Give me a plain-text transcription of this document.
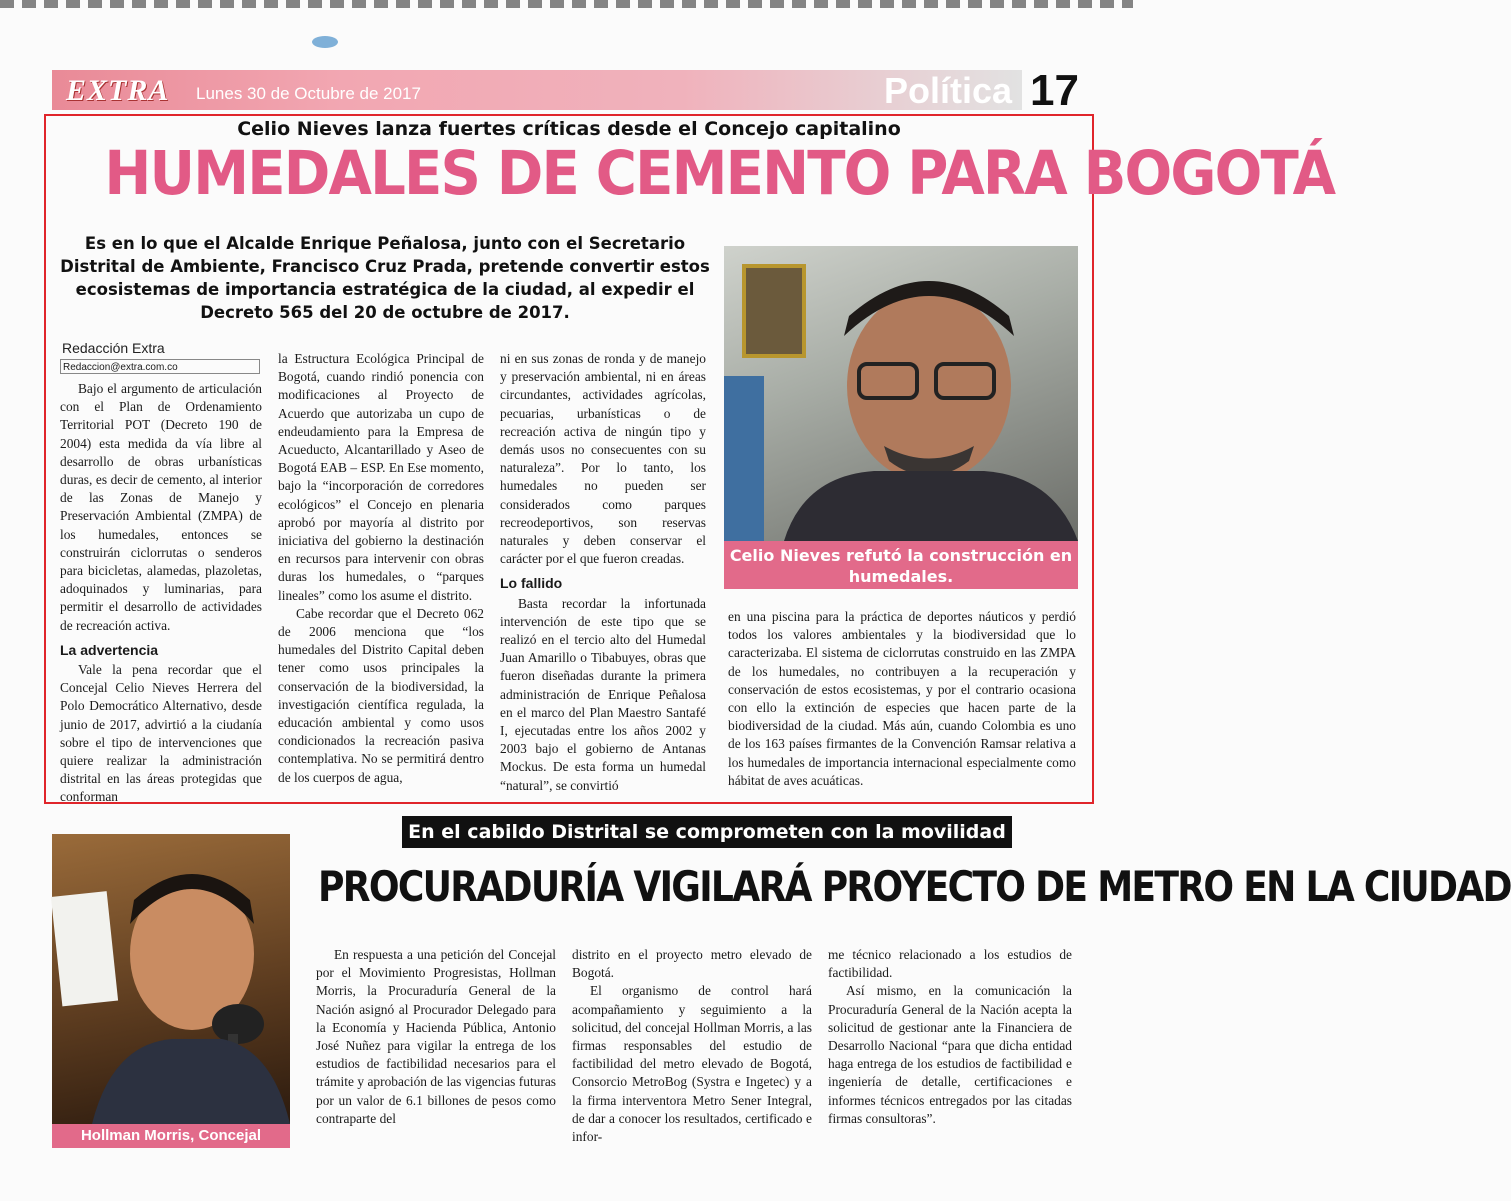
EXTRA Lunes 30 de Octubre de 2017	Política 17
Celio Nieves lanza fuertes críticas desde el Concejo capitalino
HUMEDALES DE CEMENTO PARA BOGOTÁ
Es en lo que el Alcalde Enrique Peñalosa, junto con el Secretario Distrital de Ambiente, Francisco Cruz Prada, pretende convertir estos ecosistemas de importancia estratégica de la ciudad, al expedir el Decreto 565 del 20 de octubre de 2017.
Celio Nieves refutó la construcción en humedales.
Redacción Extra
Redaccion@extra.com.co

Bajo el argumento de articulación con el Plan de Ordenamiento Territorial POT (Decreto 190 de 2004) esta medida da vía libre al desarrollo de obras urbanísticas duras, es decir de cemento, al interior de las Zonas de Manejo y Preservación Ambiental (ZMPA) de los humedales, entonces se construirán ciclorrutas o senderos para bicicletas, alamedas, plazoletas, adoquinados y luminarias, para permitir el desarrollo de actividades de recreación activa.

La advertencia

Vale la pena recordar que el Concejal Celio Nieves Herrera del Polo Democrático Alternativo, desde junio de 2017, advirtió a la ciudanía sobre el tipo de intervenciones que quiere realizar la administración distrital en las áreas protegidas que conforman

la Estructura Ecológica Principal de Bogotá, cuando rindió ponencia con modificaciones al Proyecto de Acuerdo que autorizaba un cupo de endeudamiento para la Empresa de Acueducto, Alcantarillado y Aseo de Bogotá EAB – ESP. En Ese momento, bajo la “incorporación de corredores ecológicos” el Concejo en plenaria aprobó por mayoría al distrito por iniciativa del gobierno la destinación en recursos para intervenir con obras duras los humedales, o “parques lineales” como los asume el distrito.

Cabe recordar que el Decreto 062 de 2006 menciona que “los humedales del Distrito Capital deben tener como usos principales la conservación de la biodiversidad, la investigación científica regulada, la educación ambiental y como usos condicionados la recreación pasiva contemplativa. No se permitirá dentro de los cuerpos de agua,

ni en sus zonas de ronda y de manejo y preservación ambiental, ni en áreas circundantes, actividades agrícolas, pecuarias, urbanísticas o de recreación activa de ningún tipo y demás usos no consecuentes con su naturaleza”. Por lo tanto, los humedales no pueden ser considerados como parques recreodeportivos, son reservas naturales y deben conservar el carácter por el que fueron creadas.

Lo fallido

Basta recordar la infortunada intervención de este tipo que se realizó en el tercio alto del Humedal Juan Amarillo o Tibabuyes, obras que fueron diseñadas durante la primera administración de Enrique Peñalosa en el marco del Plan Maestro Santafé I, ejecutadas entre los años 2002 y 2003 bajo el gobierno de Antanas Mockus. De esta forma un humedal “natural”, se convirtió

en una piscina para la práctica de deportes náuticos y perdió todos los valores ambientales y la biodiversidad que lo caracterizaba. El sistema de ciclorrutas construido en las ZMPA de los humedales, no contribuyen a la recuperación y conservación de estos ecosistemas, y por el contrario ocasiona con ello la extinción de especies que hacen parte de la biodiversidad de la ciudad. Más aún, cuando Colombia es uno de los 163 países firmantes de la Convención Ramsar relativa a los humedales de importancia internacional especialmente como hábitat de aves acuáticas.

En el cabildo Distrital se comprometen con la movilidad
PROCURADURÍA VIGILARÁ PROYECTO DE METRO EN LA CIUDAD
Hollman Morris, Concejal

En respuesta a una petición del Concejal por el Movimiento Progresistas, Hollman Morris, la Procuraduría General de la Nación asignó al Procurador Delegado para la Economía y Hacienda Pública, Antonio José Nuñez para vigilar la entrega de los estudios de factibilidad necesarios para el trámite y aprobación de las vigencias futuras por un valor de 6.1 billones de pesos como contraparte del

distrito en el proyecto metro elevado de Bogotá.

El organismo de control hará acompañamiento y seguimiento a la solicitud, del concejal Hollman Morris, a las firmas responsables del estudio de factibilidad del metro elevado de Bogotá, Consorcio MetroBog (Systra e Ingetec) y a la firma interventora Metro Sener Integral, de dar a conocer los resultados, certificado e infor-

me técnico relacionado a los estudios de factibilidad.

Así mismo, en la comunicación la Procuraduría General de la Nación acepta la solicitud de gestionar ante la Financiera de Desarrollo Nacional “para que dicha entidad haga entrega de los estudios de factibilidad e ingeniería de detalle, certificaciones e informes técnicos entregados por las citadas firmas consultoras”.
